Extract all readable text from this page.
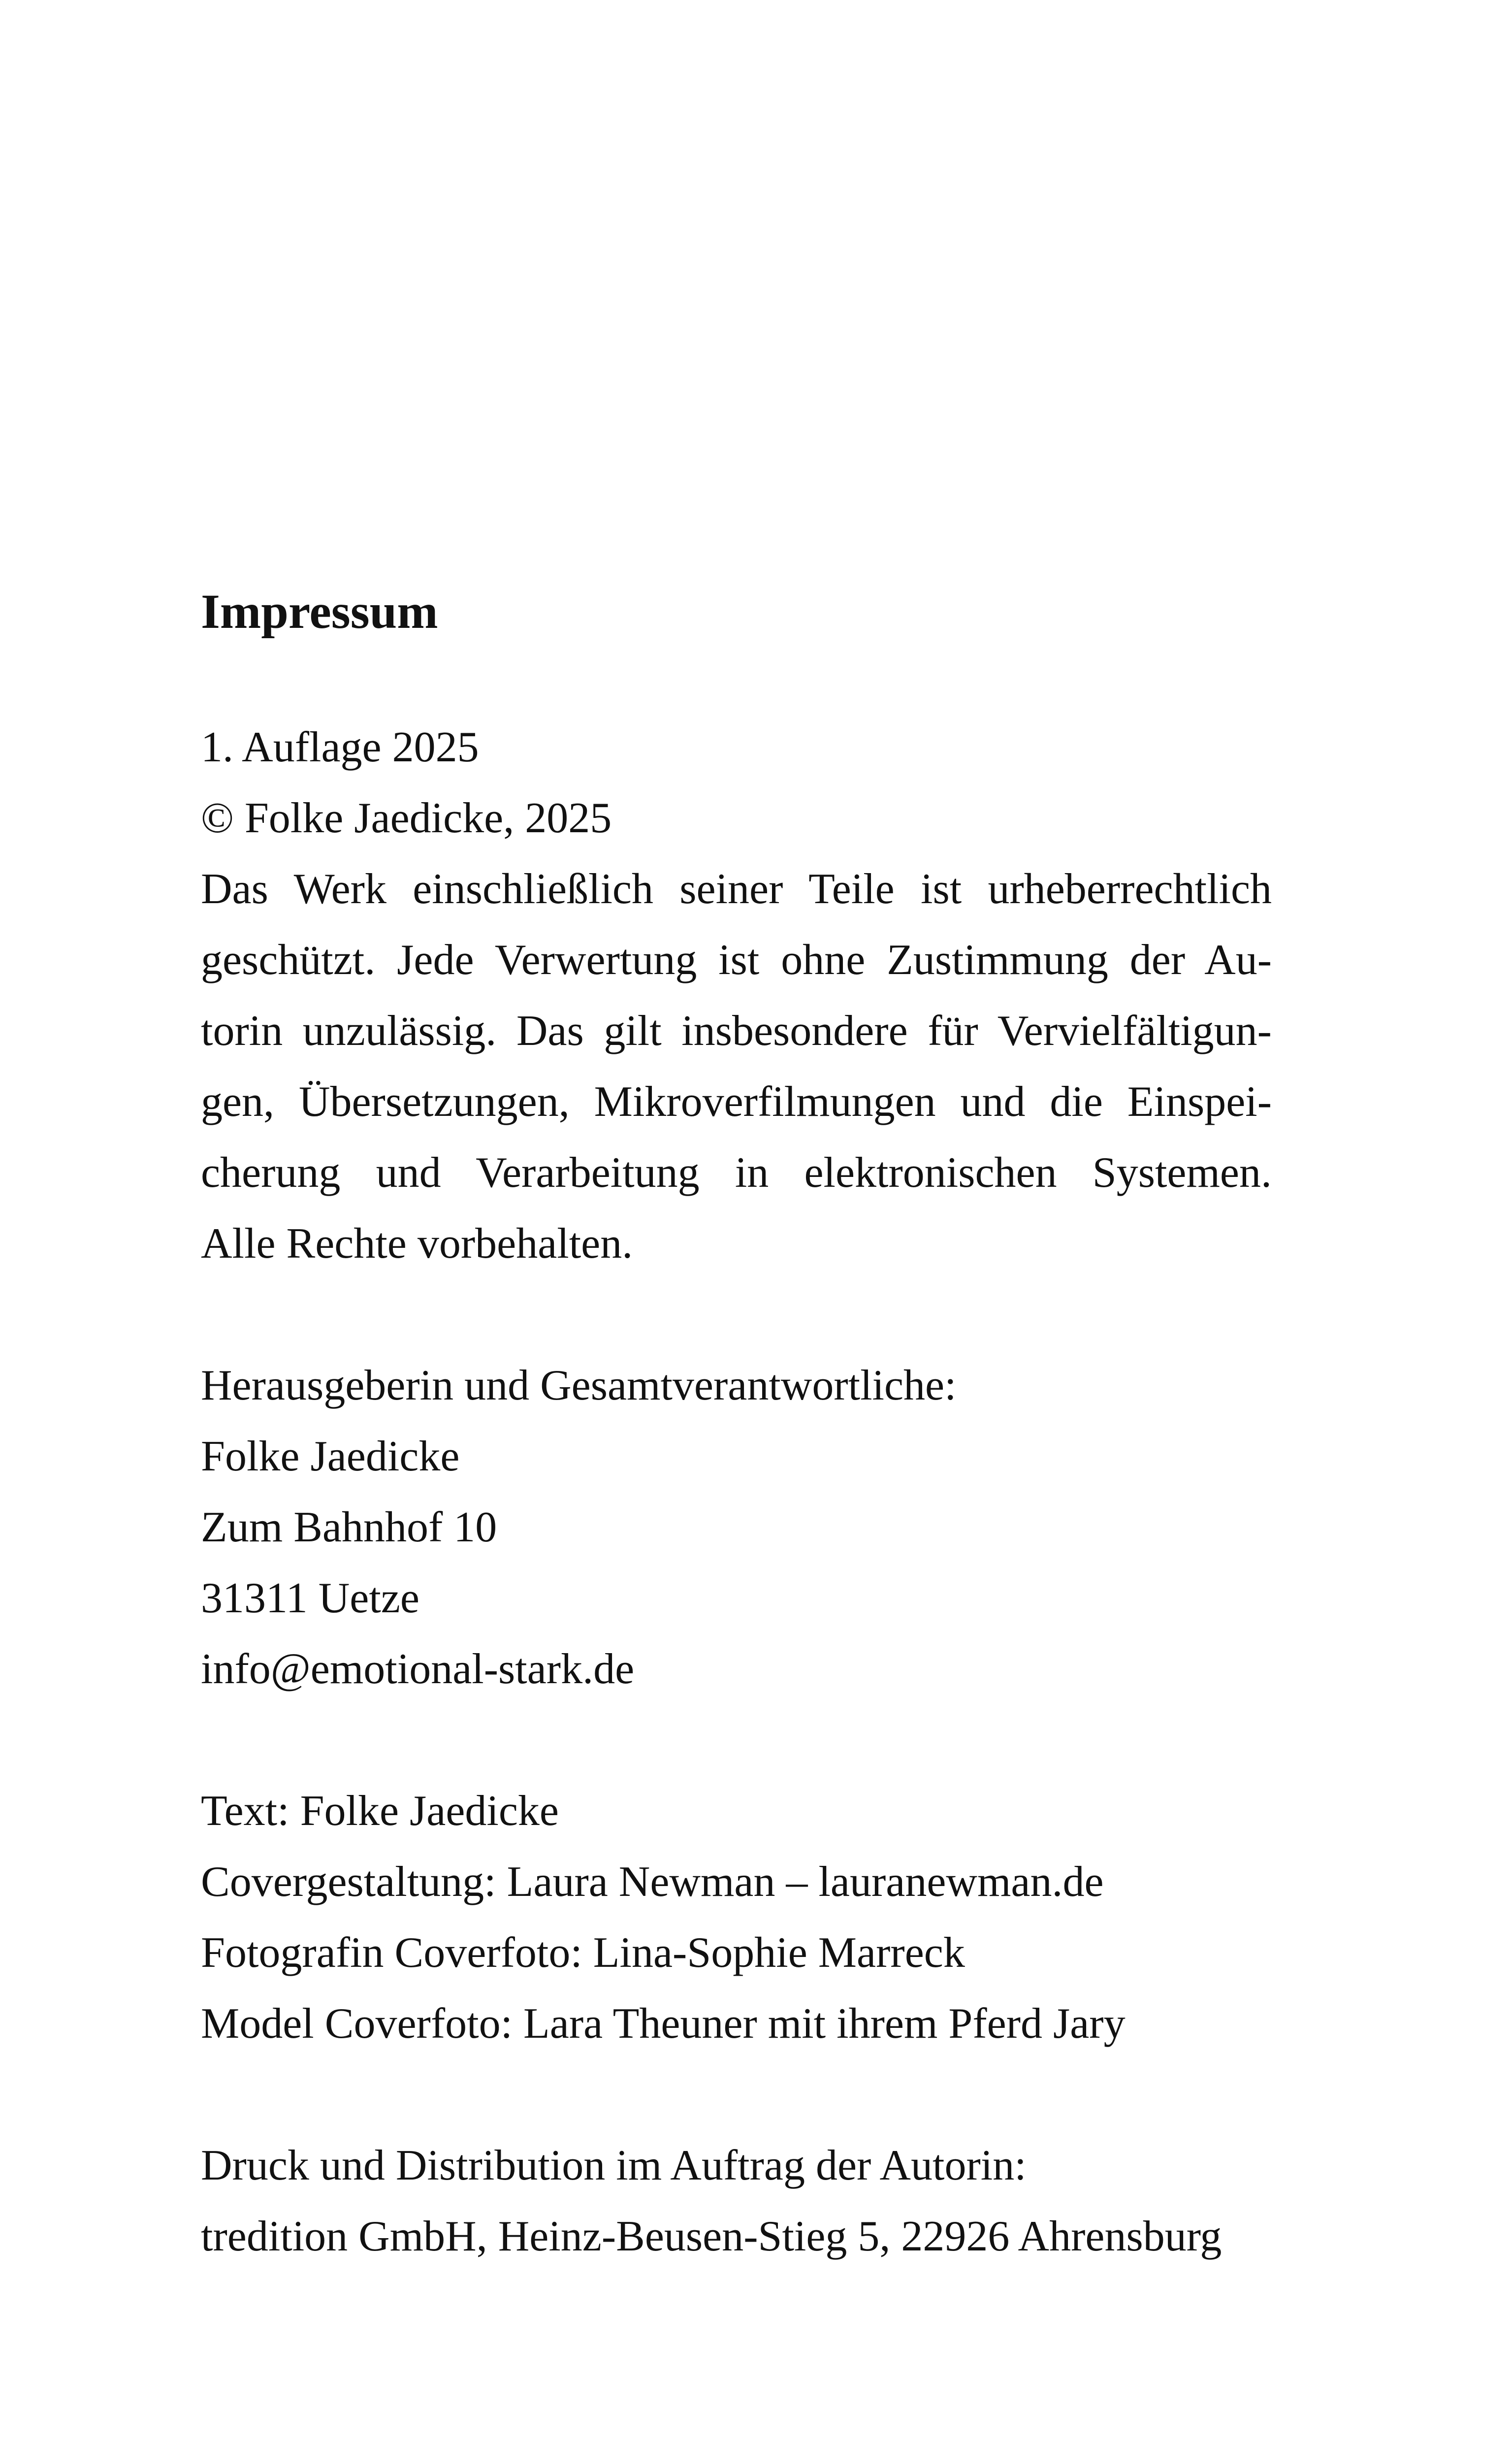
Impressum
1. Auflage 2025
© Folke Jaedicke, 2025
Das Werk einschließlich seiner Teile ist urheberrechtlich
geschützt. Jede Verwertung ist ohne Zustimmung der Au-
torin unzulässig. Das gilt insbesondere für Vervielfältigun-
gen, Übersetzungen, Mikroverfilmungen und die Einspei-
cherung und Verarbeitung in elektronischen Systemen.
Alle Rechte vorbehalten.
Herausgeberin und Gesamtverantwortliche:
Folke Jaedicke
Zum Bahnhof 10
31311 Uetze
info@emotional-stark.de
Text: Folke Jaedicke
Covergestaltung: Laura Newman – lauranewman.de
Fotografin Coverfoto: Lina-Sophie Marreck
Model Coverfoto: Lara Theuner mit ihrem Pferd Jary
Druck und Distribution im Auftrag der Autorin:
tredition GmbH, Heinz-Beusen-Stieg 5, 22926 Ahrensburg
